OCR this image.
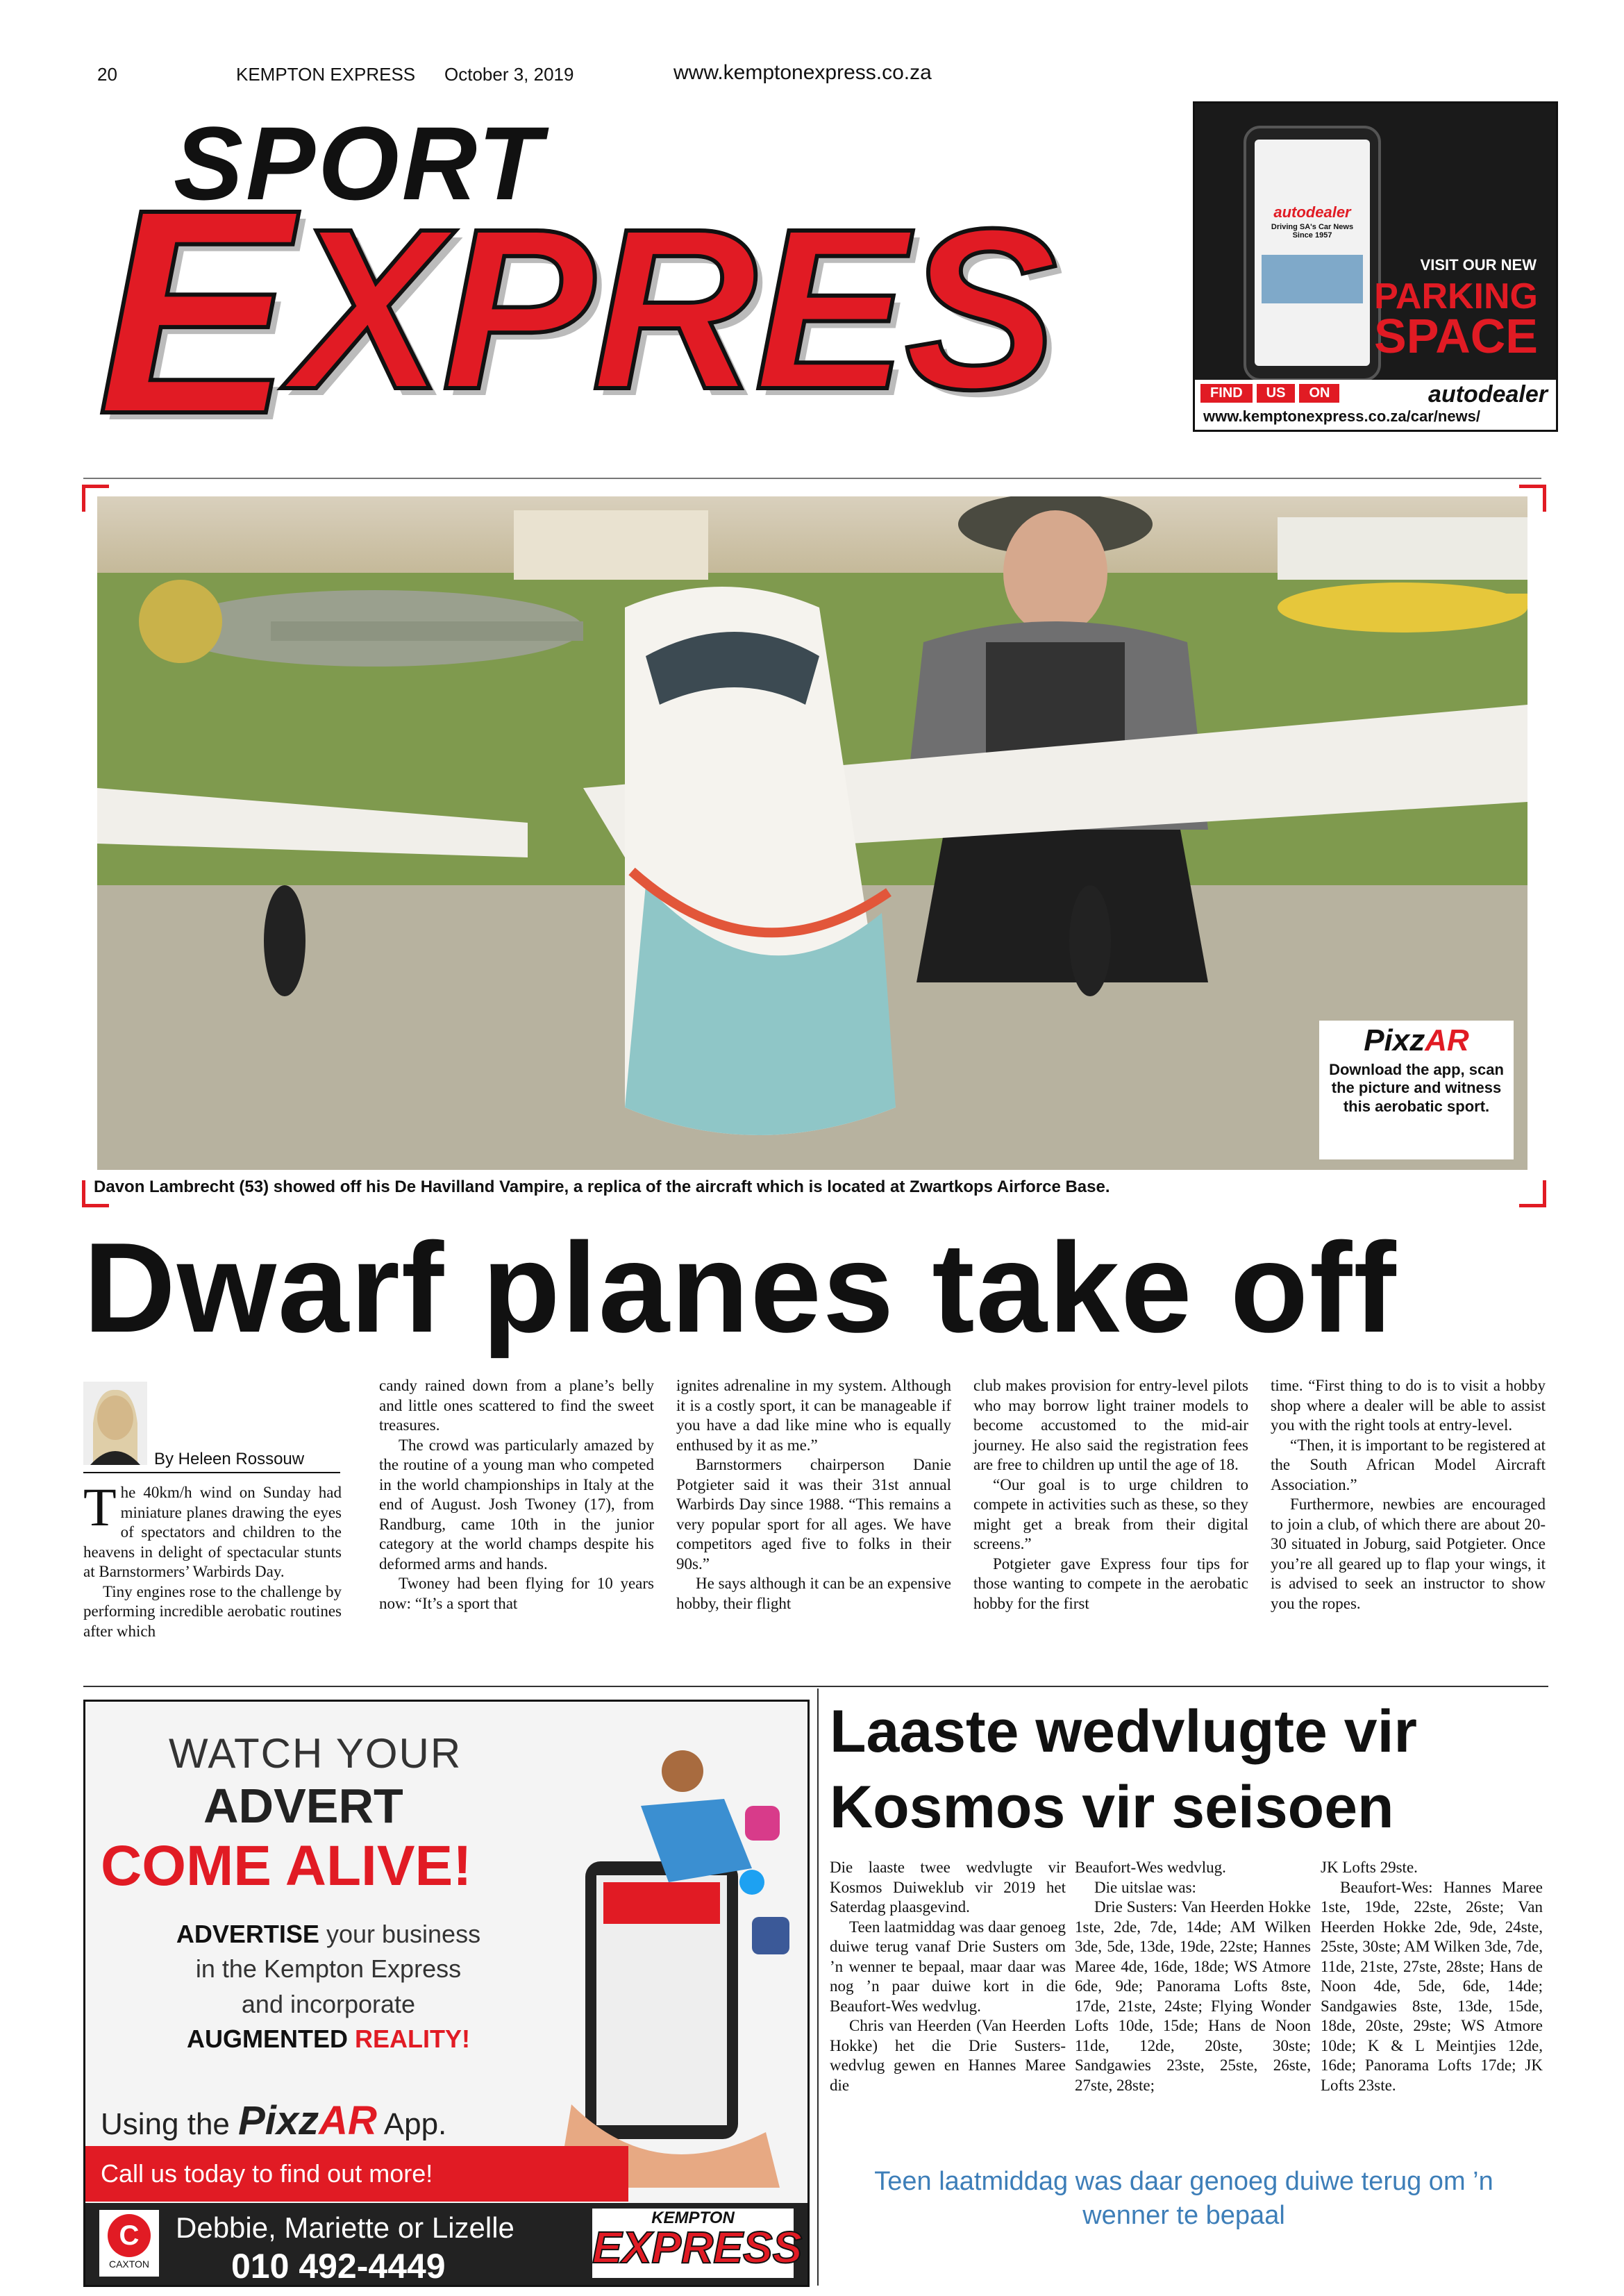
20	KEMPTON EXPRESS October 3, 2019	www.kemptonexpress.co.za
SPORT
E XPRES	autodealer
Driving SA's Car News Since 1957
VISIT OUR NEW
PARKING
SPACE
FIND	US	ON	autodealer
www.kemptonexpress.co.za/car/news/
PixzAR
Download the app, scan the picture and witness this aerobatic sport.
Davon Lambrecht (53) showed off his De Havilland Vampire, a replica of the aircraft which is located at Zwartkops Airforce Base.
Dwarf planes take off
By Heleen Rossouw

The 40km/h wind on Sunday had miniature planes drawing the eyes of spectators and children to the heavens in delight of spectacular stunts at Barnstormers’ Warbirds Day.

Tiny engines rose to the challenge by performing incredible aerobatic routines after which

candy rained down from a plane’s belly and little ones scattered to find the sweet treasures.

The crowd was particularly amazed by the routine of a young man who competed in the world championships in Italy at the end of August. Josh Twoney (17), from Randburg, came 10th in the junior category at the world champs despite his deformed arms and hands.

Twoney had been flying for 10 years now: “It’s a sport that

ignites adrenaline in my system. Although it is a costly sport, it can be manageable if you have a dad like mine who is equally enthused by it as me.”

Barnstormers chairperson Danie Potgieter said it was their 31st annual Warbirds Day since 1988. “This remains a very popular sport for all ages. We have competitors aged five to folks in their 90s.”

He says although it can be an expensive hobby, their flight

club makes provision for entry-level pilots who may borrow light trainer models to become accustomed to the mid-air journey. He also said the registration fees are free to children up until the age of 18.

“Our goal is to urge children to compete in activities such as these, so they might get a break from their digital screens.”

Potgieter gave Express four tips for those wanting to compete in the aerobatic hobby for the first

time. “First thing to do is to visit a hobby shop where a dealer will be able to assist you with the right tools at entry-level.

“Then, it is important to be registered at the South African Model Aircraft Association.”

Furthermore, newbies are encouraged to join a club, of which there are about 20-30 situated in Joburg, said Potgieter. Once you’re all geared up to flap your wings, it is advised to seek an instructor to show you the ropes.

WATCH YOUR
ADVERT
COME ALIVE!
ADVERTISE your business
in the Kempton Express
and incorporate
AUGMENTED REALITY!
Using the PixzAR App.
Call us today to find out more!
C
CAXTON
Debbie, Mariette or Lizelle
010 492-4449
KEMPTON
EXPRESS
Laaste wedvlugte vir
Kosmos vir seisoen

Die laaste twee wedvlugte vir Kosmos Duiweklub vir 2019 het Saterdag plaasgevind.

Teen laatmiddag was daar genoeg duiwe terug vanaf Drie Susters om ’n wenner te bepaal, maar daar was nog ’n paar duiwe kort in die Beaufort-Wes wedvlug.

Chris van Heerden (Van Heerden Hokke) het die Drie Susters-wedvlug gewen en Hannes Maree die

Beaufort-Wes wedvlug.

Die uitslae was:

Drie Susters: Van Heerden Hokke 1ste, 2de, 7de, 14de; AM Wilken 3de, 5de, 13de, 19de, 22ste; Hannes Maree 4de, 16de, 18de; WS Atmore 6de, 9de; Panorama Lofts 8ste, 17de, 21ste, 24ste; Flying Wonder Lofts 10de, 15de; Hans de Noon 11de, 12de, 20ste, 30ste; Sandgawies 23ste, 25ste, 26ste, 27ste, 28ste;

JK Lofts 29ste.

Beaufort-Wes: Hannes Maree 1ste, 19de, 22ste, 26ste; Van Heerden Hokke 2de, 9de, 24ste, 25ste, 30ste; AM Wilken 3de, 7de, 11de, 21ste, 27ste, 28ste; Hans de Noon 4de, 5de, 6de, 14de; Sandgawies 8ste, 13de, 15de, 18de, 20ste, 29ste; WS Atmore 10de; K & L Meintjies 12de, 16de; Panorama Lofts 17de; JK Lofts 23ste.

Teen laatmiddag was daar genoeg duiwe terug om ’n wenner te bepaal
